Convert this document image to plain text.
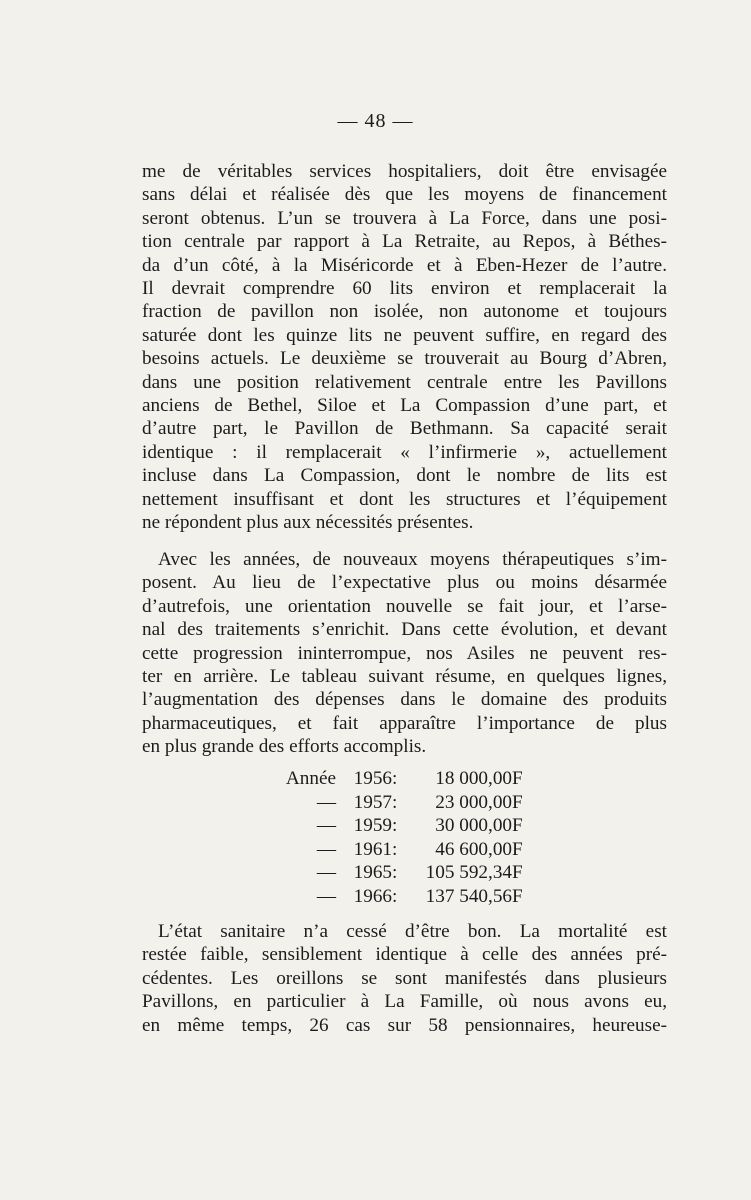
— 48 —
me de véritables services hospitaliers, doit être envisagée
sans délai et réalisée dès que les moyens de financement
seront obtenus. L’un se trouvera à La Force, dans une posi-
tion centrale par rapport à La Retraite, au Repos, à Béthes-
da d’un côté, à la Miséricorde et à Eben-Hezer de l’autre.
Il devrait comprendre 60 lits environ et remplacerait la
fraction de pavillon non isolée, non autonome et toujours
saturée dont les quinze lits ne peuvent suffire, en regard des
besoins actuels. Le deuxième se trouverait au Bourg d’Abren,
dans une position relativement centrale entre les Pavillons
anciens de Bethel, Siloe et La Compassion d’une part, et
d’autre part, le Pavillon de Bethmann. Sa capacité serait
identique : il remplacerait « l’infirmerie », actuellement
incluse dans La Compassion, dont le nombre de lits est
nettement insuffisant et dont les structures et l’équipement
ne répondent plus aux nécessités présentes.
Avec les années, de nouveaux moyens thérapeutiques s’im-
posent. Au lieu de l’expectative plus ou moins désarmée
d’autrefois, une orientation nouvelle se fait jour, et l’arse-
nal des traitements s’enrichit. Dans cette évolution, et devant
cette progression ininterrompue, nos Asiles ne peuvent res-
ter en arrière. Le tableau suivant résume, en quelques lignes,
l’augmentation des dépenses dans le domaine des produits
pharmaceutiques, et fait apparaître l’importance de plus
en plus grande des efforts accomplis.
Année	1956	:	18 000,00	F
—	1957	:	23 000,00	F
—	1959	:	30 000,00	F
—	1961	:	46 600,00	F
—	1965	:	105 592,34	F
—	1966	:	137 540,56	F
L’état sanitaire n’a cessé d’être bon. La mortalité est
restée faible, sensiblement identique à celle des années pré-
cédentes. Les oreillons se sont manifestés dans plusieurs
Pavillons, en particulier à La Famille, où nous avons eu,
en même temps, 26 cas sur 58 pensionnaires, heureuse-
